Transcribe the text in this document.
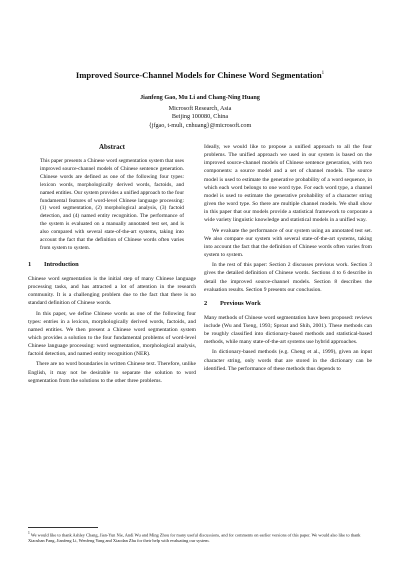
Improved Source-Channel Models for Chinese Word Segmentation$^1$
Jianfeng Gao, Mu Li and Chang-Ning Huang
Microsoft Research, Asia
Beijing 100080, China
{jfgao, t-muli, cnhuang}@microsoft.com
Abstract
This paper presents a Chinese word segmentation system that uses improved source-channel models of Chinese sentence generation. Chinese words are defined as one of the following four types: lexicon words, morphologically derived words, factoids, and named entities. Our system provides a unified approach to the four fundamental features of word-level Chinese language processing: (1) word segmentation, (2) morphological analysis, (3) factoid detection, and (4) named entity recognition. The performance of the system is evaluated on a manually annotated test set, and is also compared with several state-of-the-art systems, taking into account the fact that the definition of Chinese words often varies from system to system.
1 Introduction

Chinese word segmentation is the initial step of many Chinese language processing tasks, and has attracted a lot of attention in the research community. It is a challenging problem due to the fact that there is no standard definition of Chinese words.

In this paper, we define Chinese words as one of the following four types: entries in a lexicon, morphologically derived words, factoids, and named entities. We then present a Chinese word segmentation system which provides a solution to the four fundamental problems of word-level Chinese language processing: word segmentation, morphological analysis, factoid detection, and named entity recognition (NER).

There are no word boundaries in written Chinese text. Therefore, unlike English, it may not be desirable to separate the solution to word segmentation from the solutions to the other three problems.

Ideally, we would like to propose a unified approach to all the four problems. The unified approach we used in our system is based on the improved source-channel models of Chinese sentence generation, with two components: a source model and a set of channel models. The source model is used to estimate the generative probability of a word sequence, in which each word belongs to one word type. For each word type, a channel model is used to estimate the generative probability of a character string given the word type. So there are multiple channel models. We shall show in this paper that our models provide a statistical framework to corporate a wide variety linguistic knowledge and statistical models in a unified way.

We evaluate the performance of our system using an annotated test set. We also compare our system with several state-of-the-art systems, taking into account the fact that the definition of Chinese words often varies from system to system.

In the rest of this paper: Section 2 discusses previous work. Section 3 gives the detailed definition of Chinese words. Sections 4 to 6 describe in detail the improved source-channel models. Section 8 describes the evaluation results. Section 9 presents our conclusion.

2 Previous Work

Many methods of Chinese word segmentation have been proposed: reviews include (Wu and Tseng, 1993; Sproat and Shih, 2001). These methods can be roughly classified into dictionary-based methods and statistical-based methods, while many state-of-the-art systems use hybrid approaches.

In dictionary-based methods (e.g. Cheng et al., 1999), given an input character string, only words that are stored in the dictionary can be identified. The performance of these methods thus depends to

$^1$ We would like to thank Ashley Chang, Jian-Yun Nie, Andi Wu and Ming Zhou for many useful discussions, and for comments on earlier versions of this paper. We would also like to thank Xiaoshan Fang, Jianfeng Li, Wenfeng Yang and Xiaodan Zhu for their help with evaluating our system.
